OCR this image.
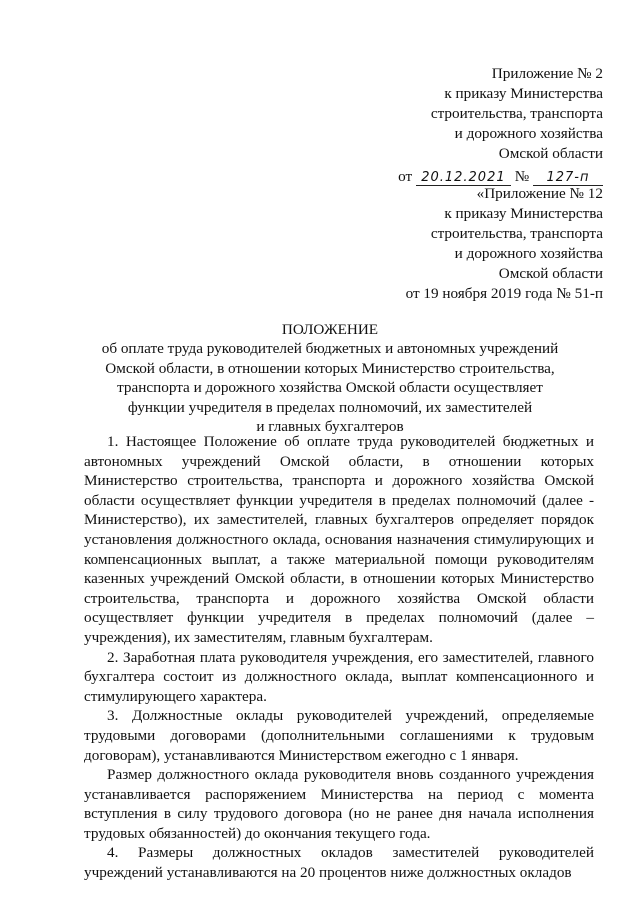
Приложение № 2
к приказу Министерства
строительства, транспорта
и дорожного хозяйства
Омской области
от 20.12.2021 № 127-п
«Приложение № 12
к приказу Министерства
строительства, транспорта
и дорожного хозяйства
Омской области
от 19 ноября 2019 года № 51-п
ПОЛОЖЕНИЕ
об оплате труда руководителей бюджетных и автономных учреждений
Омской области, в отношении которых Министерство строительства,
транспорта и дорожного хозяйства Омской области осуществляет
функции учредителя в пределах полномочий, их заместителей
и главных бухгалтеров

1. Настоящее Положение об оплате труда руководителей бюджетных и автономных учреждений Омской области, в отношении которых Министерство строительства, транспорта и дорожного хозяйства Омской области осуществляет функции учредителя в пределах полномочий (далее - Министерство), их заместителей, главных бухгалтеров определяет порядок установления должностного оклада, основания назначения стимулирующих и компенсационных выплат, а также материальной помощи руководителям казенных учреждений Омской области, в отношении которых Министерство строительства, транспорта и дорожного хозяйства Омской области осуществляет функции учредителя в пределах полномочий (далее – учреждения), их заместителям, главным бухгалтерам.

2. Заработная плата руководителя учреждения, его заместителей, главного бухгалтера состоит из должностного оклада, выплат компенсационного и стимулирующего характера.

3. Должностные оклады руководителей учреждений, определяемые трудовыми договорами (дополнительными соглашениями к трудовым договорам), устанавливаются Министерством ежегодно с 1 января.

Размер должностного оклада руководителя вновь созданного учреждения устанавливается распоряжением Министерства на период с момента вступления в силу трудового договора (но не ранее дня начала исполнения трудовых обязанностей) до окончания текущего года.

4. Размеры должностных окладов заместителей руководителей учреждений устанавливаются на 20 процентов ниже должностных окладов
